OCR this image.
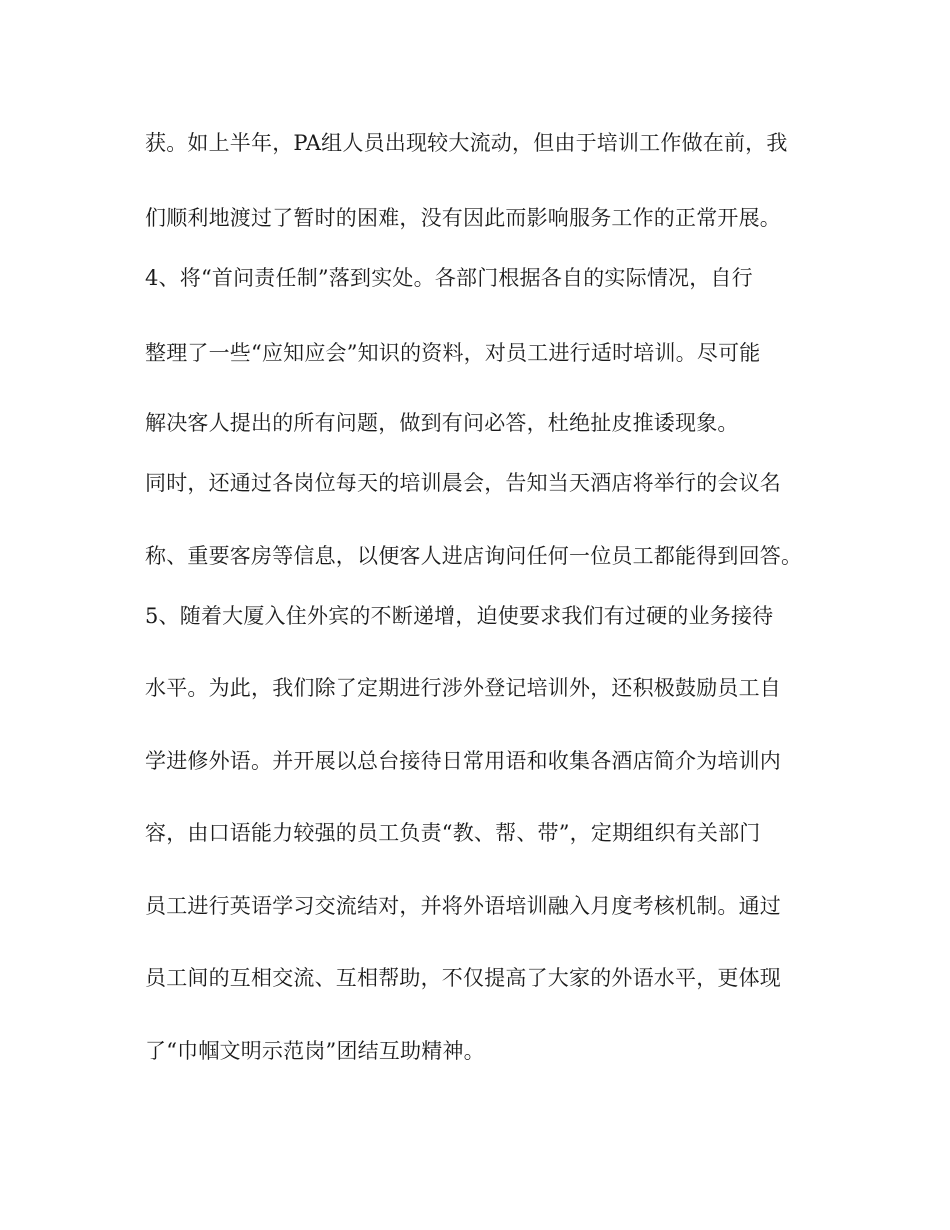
获。如上半年，PA组人员出现较大流动，但由于培训工作做在前，我

们顺利地渡过了暂时的困难，没有因此而影响服务工作的正常开展。

4、将“首问责任制”落到实处。各部门根据各自的实际情况，自行

整理了一些“应知应会”知识的资料，对员工进行适时培训。尽可能

解决客人提出的所有问题，做到有问必答，杜绝扯皮推诿现象。

同时，还通过各岗位每天的培训晨会，告知当天酒店将举行的会议名

称、重要客房等信息，以便客人进店询问任何一位员工都能得到回答。

5、随着大厦入住外宾的不断递增，迫使要求我们有过硬的业务接待

水平。为此，我们除了定期进行涉外登记培训外，还积极鼓励员工自

学进修外语。并开展以总台接待日常用语和收集各酒店简介为培训内

容，由口语能力较强的员工负责“教、帮、带”，定期组织有关部门

员工进行英语学习交流结对，并将外语培训融入月度考核机制。通过

员工间的互相交流、互相帮助，不仅提高了大家的外语水平，更体现

了“巾帼文明示范岗”团结互助精神。
